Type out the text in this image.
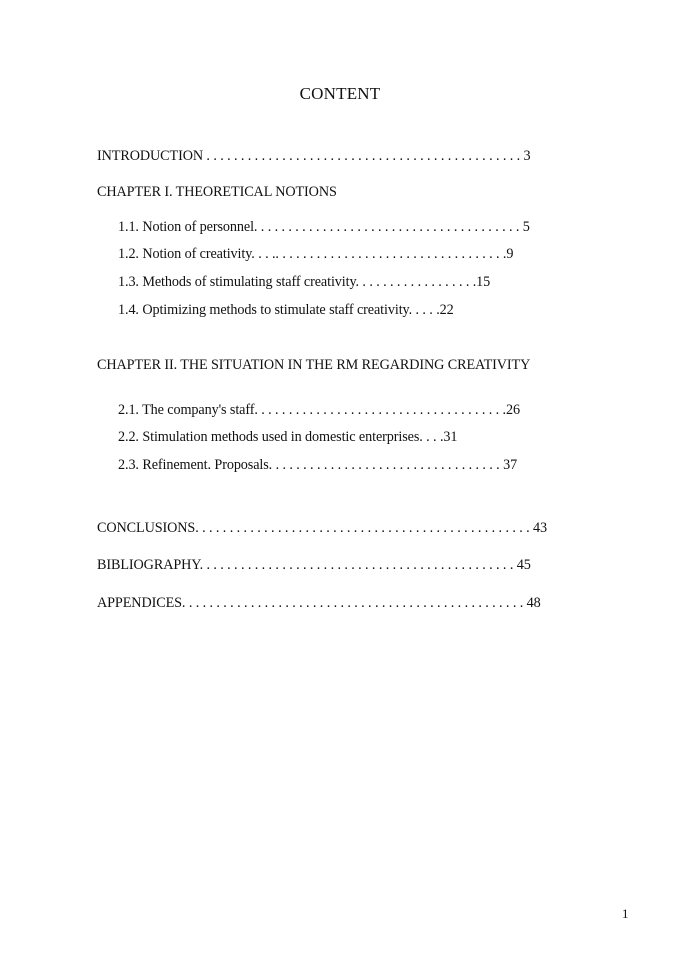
CONTENT
INTRODUCTION . . . . . . . . . . . . . . . . . . . . . . . . . . . . . . . . . . . . . . . . . . . . . . 3
CHAPTER I. THEORETICAL NOTIONS
1.1. Notion of personnel. . . . . . . . . . . . . . . . . . . . . . . . . . . . . . . . . . . . . . . 5
1.2. Notion of creativity. . . .. . . . . . . . . . . . . . . . . . . . . . . . . . . . . . . . . .9
1.3. Methods of stimulating staff creativity. . . . . . . . . . . . . . . . . .15
1.4. Optimizing methods to stimulate staff creativity. . . . .22
CHAPTER II. THE SITUATION IN THE RM REGARDING CREATIVITY
2.1. The company's staff. . . . . . . . . . . . . . . . . . . . . . . . . . . . . . . . . . . . .26
2.2. Stimulation methods used in domestic enterprises. . . .31
2.3. Refinement. Proposals. . . . . . . . . . . . . . . . . . . . . . . . . . . . . . . . . . 37
CONCLUSIONS. . . . . . . . . . . . . . . . . . . . . . . . . . . . . . . . . . . . . . . . . . . . . . . . . 43
BIBLIOGRAPHY. . . . . . . . . . . . . . . . . . . . . . . . . . . . . . . . . . . . . . . . . . . . . . 45
APPENDICES. . . . . . . . . . . . . . . . . . . . . . . . . . . . . . . . . . . . . . . . . . . . . . . . . . 48
1
